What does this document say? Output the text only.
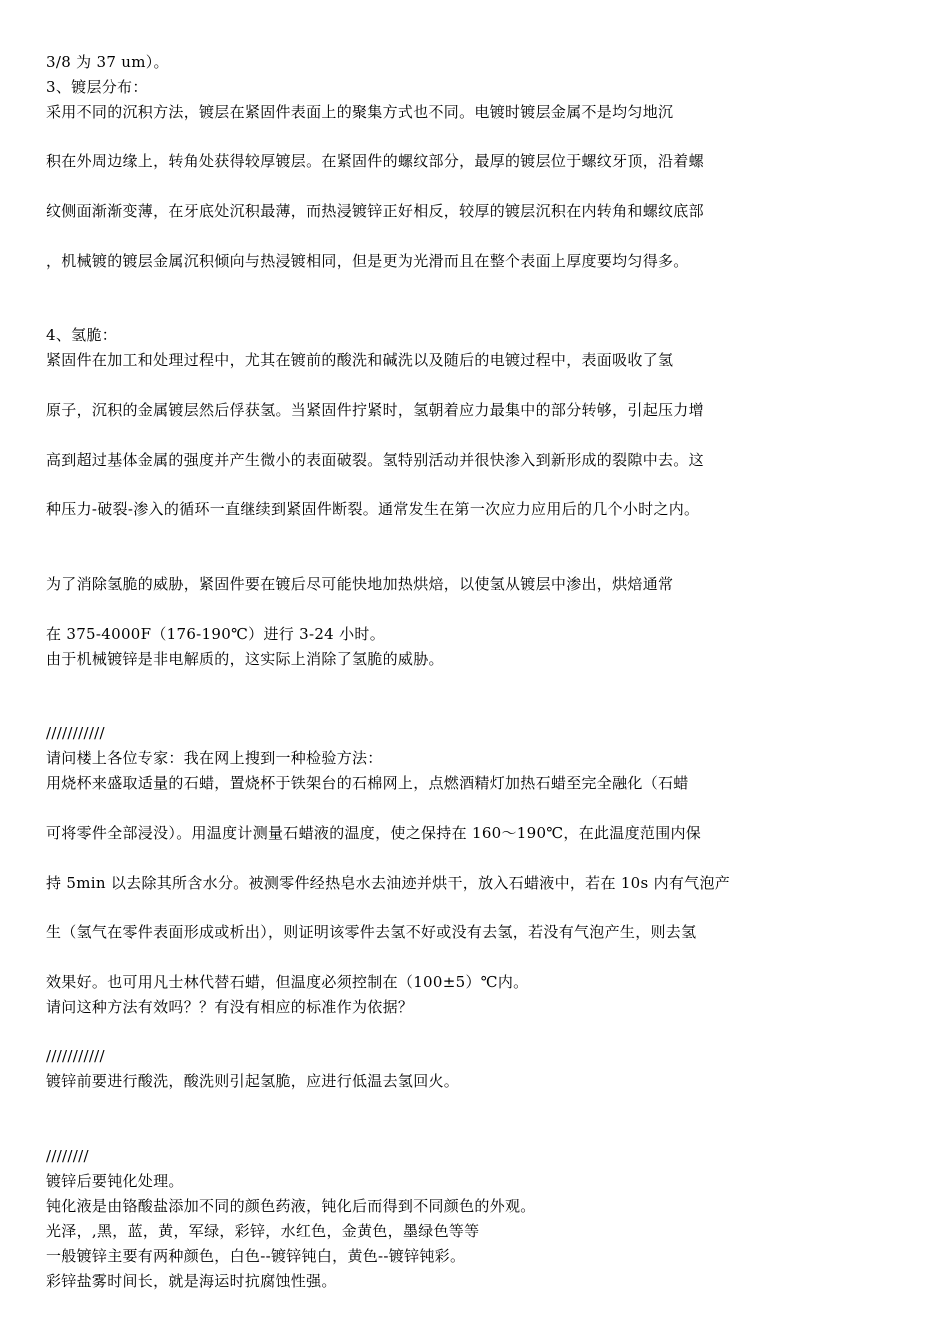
3/8 为 37 um）。
3、镀层分布：
采用不同的沉积方法，镀层在紧固件表面上的聚集方式也不同。电镀时镀层金属不是均匀地沉
积在外周边缘上，转角处获得较厚镀层。在紧固件的螺纹部分，最厚的镀层位于螺纹牙顶，沿着螺
纹侧面渐渐变薄，在牙底处沉积最薄，而热浸镀锌正好相反，较厚的镀层沉积在内转角和螺纹底部
，机械镀的镀层金属沉积倾向与热浸镀相同，但是更为光滑而且在整个表面上厚度要均匀得多。
4、氢脆：
紧固件在加工和处理过程中，尤其在镀前的酸洗和碱洗以及随后的电镀过程中，表面吸收了氢
原子，沉积的金属镀层然后俘获氢。当紧固件拧紧时，氢朝着应力最集中的部分转够，引起压力增
高到超过基体金属的强度并产生微小的表面破裂。氢特别活动并很快渗入到新形成的裂隙中去。这
种压力-破裂-渗入的循环一直继续到紧固件断裂。通常发生在第一次应力应用后的几个小时之内。
为了消除氢脆的威胁，紧固件要在镀后尽可能快地加热烘焙，以使氢从镀层中渗出，烘焙通常
在 375-4000F（176-190℃）进行 3-24 小时。
由于机械镀锌是非电解质的，这实际上消除了氢脆的威胁。
///////////
请问楼上各位专家：我在网上搜到一种检验方法：
用烧杯来盛取适量的石蜡，置烧杯于铁架台的石棉网上，点燃酒精灯加热石蜡至完全融化（石蜡
可将零件全部浸没）。用温度计测量石蜡液的温度，使之保持在 160～190℃，在此温度范围内保
持 5min 以去除其所含水分。被测零件经热皂水去油迹并烘干，放入石蜡液中，若在 10s 内有气泡产
生（氢气在零件表面形成或析出），则证明该零件去氢不好或没有去氢，若没有气泡产生，则去氢
效果好。也可用凡士林代替石蜡，但温度必须控制在（100±5）℃内。
请问这种方法有效吗？？有没有相应的标准作为依据？
///////////
镀锌前要进行酸洗，酸洗则引起氢脆，应进行低温去氢回火。
////////
镀锌后要钝化处理。
钝化液是由铬酸盐添加不同的颜色药液，钝化后而得到不同颜色的外观。
光泽，,黑，蓝，黄，军绿，彩锌，水红色，金黄色，墨绿色等等
一般镀锌主要有两种颜色，白色--镀锌钝白，黄色--镀锌钝彩。
彩锌盐雾时间长，就是海运时抗腐蚀性强。
